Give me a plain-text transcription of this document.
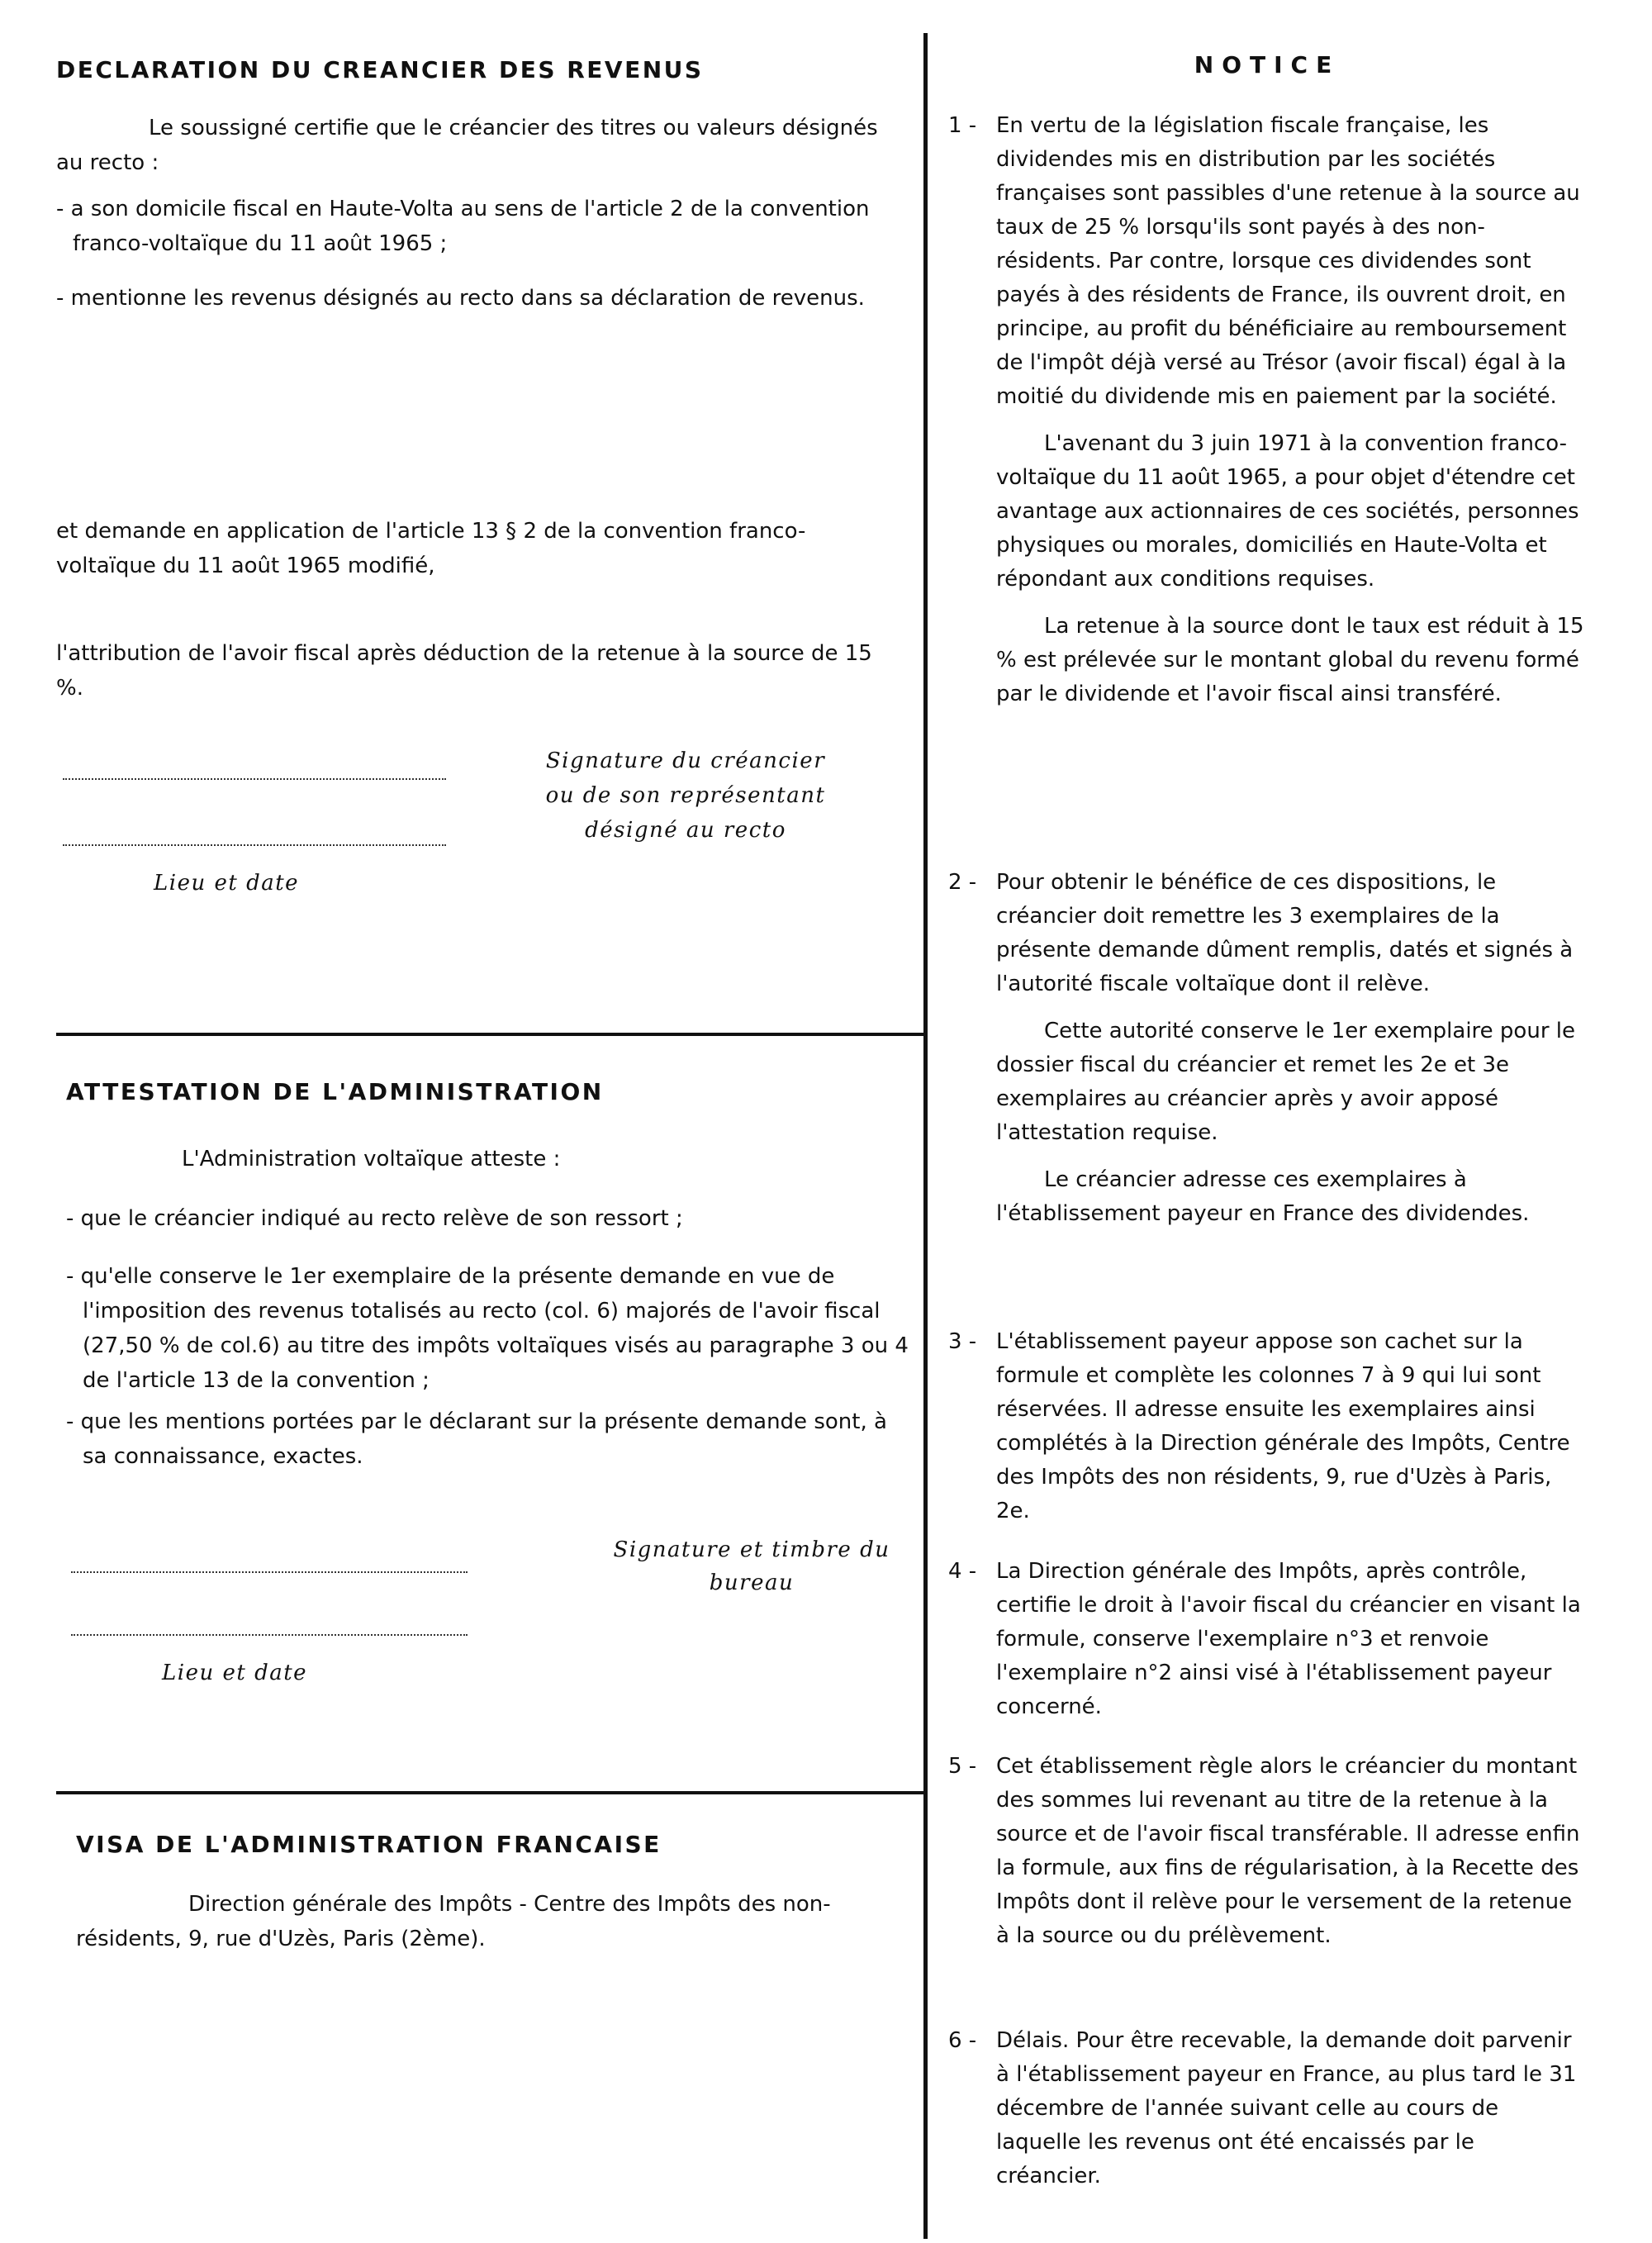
DECLARATION DU CREANCIER DES REVENUS

Le soussigné certifie que le créancier des titres ou valeurs désignés au recto :

- a son domicile fiscal en Haute-Volta au sens de l'article 2 de la convention franco-voltaïque du 11 août 1965 ;

- mentionne les revenus désignés au recto dans sa déclaration de revenus.

et demande en application de l'article 13 § 2 de la convention franco-voltaïque du 11 août 1965 modifié,

l'attribution de l'avoir fiscal après déduction de la retenue à la source de 15 %.

Signature du créancier ou de son représentant désigné au recto
Lieu et date
ATTESTATION DE L'ADMINISTRATION

L'Administration voltaïque atteste :

- que le créancier indiqué au recto relève de son ressort ;

- qu'elle conserve le 1er exemplaire de la présente demande en vue de l'imposition des revenus totalisés au recto (col. 6) majorés de l'avoir fiscal (27,50 % de col.6) au titre des impôts voltaïques visés au paragraphe 3 ou 4 de l'article 13 de la convention ;

- que les mentions portées par le déclarant sur la présente demande sont, à sa connaissance, exactes.

Signature et timbre du bureau
Lieu et date
VISA DE L'ADMINISTRATION FRANCAISE

Direction générale des Impôts - Centre des Impôts des non-résidents, 9, rue d'Uzès, Paris (2ème).

NOTICE
1 - En vertu de la législation fiscale française, les dividendes mis en distribution par les sociétés françaises sont passibles d'une retenue à la source au taux de 25 % lorsqu'ils sont payés à des non-résidents. Par contre, lorsque ces dividendes sont payés à des résidents de France, ils ouvrent droit, en principe, au profit du bénéficiaire au remboursement de l'impôt déjà versé au Trésor (avoir fiscal) égal à la moitié du dividende mis en paiement par la société.

L'avenant du 3 juin 1971 à la convention franco-voltaïque du 11 août 1965, a pour objet d'étendre cet avantage aux actionnaires de ces sociétés, personnes physiques ou morales, domiciliés en Haute-Volta et répondant aux conditions requises.

La retenue à la source dont le taux est réduit à 15 % est prélevée sur le montant global du revenu formé par le dividende et l'avoir fiscal ainsi transféré.

2 - Pour obtenir le bénéfice de ces dispositions, le créancier doit remettre les 3 exemplaires de la présente demande dûment remplis, datés et signés à l'autorité fiscale voltaïque dont il relève.

Cette autorité conserve le 1er exemplaire pour le dossier fiscal du créancier et remet les 2e et 3e exemplaires au créancier après y avoir apposé l'attestation requise.

Le créancier adresse ces exemplaires à l'établissement payeur en France des dividendes.

3 - L'établissement payeur appose son cachet sur la formule et complète les colonnes 7 à 9 qui lui sont réservées. Il adresse ensuite les exemplaires ainsi complétés à la Direction générale des Impôts, Centre des Impôts des non résidents, 9, rue d'Uzès à Paris, 2e.

4 - La Direction générale des Impôts, après contrôle, certifie le droit à l'avoir fiscal du créancier en visant la formule, conserve l'exemplaire n°3 et renvoie l'exemplaire n°2 ainsi visé à l'établissement payeur concerné.

5 - Cet établissement règle alors le créancier du montant des sommes lui revenant au titre de la retenue à la source et de l'avoir fiscal transférable. Il adresse enfin la formule, aux fins de régularisation, à la Recette des Impôts dont il relève pour le versement de la retenue à la source ou du prélèvement.

6 - Délais. Pour être recevable, la demande doit parvenir à l'établissement payeur en France, au plus tard le 31 décembre de l'année suivant celle au cours de laquelle les revenus ont été encaissés par le créancier.
